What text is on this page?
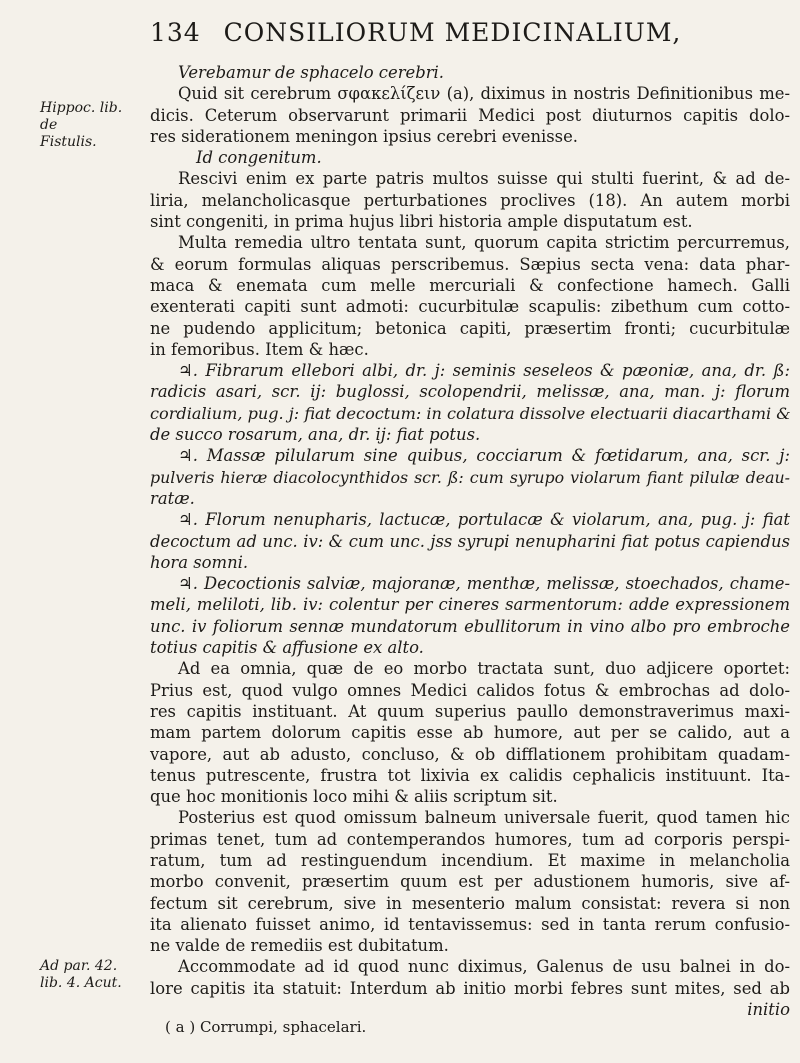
134 CONSILIORUM MEDICINALIUM,
Hippoc. lib. de
Fistulis.
Ad par. 42.
lib. 4. Acut.
Verebamur de sphacelo cerebri.
Quid sit cerebrum σφακελίζειν (a), diximus in nostris Definitionibus me-
dicis. Ceterum observarunt primarii Medici post diuturnos capitis dolo-
res siderationem meningon ipsius cerebri evenisse.
Id congenitum.
Rescivi enim ex parte patris multos suisse qui stulti fuerint, & ad de-
liria, melancholicasque perturbationes proclives (18). An autem morbi
sint congeniti, in prima hujus libri historia ample disputatum est.
Multa remedia ultro tentata sunt, quorum capita strictim percurremus,
& eorum formulas aliquas perscribemus. Sæpius secta vena: data phar-
maca & enemata cum melle mercuriali & confectione hamech. Galli
exenterati capiti sunt admoti: cucurbitulæ scapulis: zibethum cum cotto-
ne pudendo applicitum; betonica capiti, præsertim fronti; cucurbitulæ
in femoribus. Item & hæc.
♃. Fibrarum ellebori albi, dr. j: seminis seseleos & pæoniæ, ana, dr. ß:
radicis asari, scr. ij: buglossi, scolopendrii, melissæ, ana, man. j: florum
cordialium, pug. j: fiat decoctum: in colatura dissolve electuarii diacarthami &
de succo rosarum, ana, dr. ij: fiat potus.
♃. Massæ pilularum sine quibus, cocciarum & fœtidarum, ana, scr. j:
pulveris hieræ diacolocynthidos scr. ß: cum syrupo violarum fiant pilulæ deau-
ratæ.
♃. Florum nenupharis, lactucæ, portulacæ & violarum, ana, pug. j: fiat
decoctum ad unc. iv: & cum unc. jss syrupi nenupharini fiat potus capiendus
hora somni.
♃. Decoctionis salviæ, majoranæ, menthæ, melissæ, stoechados, chame-
meli, meliloti, lib. iv: colentur per cineres sarmentorum: adde expressionem
unc. iv foliorum sennæ mundatorum ebullitorum in vino albo pro embroche
totius capitis & affusione ex alto.
Ad ea omnia, quæ de eo morbo tractata sunt, duo adjicere oportet:
Prius est, quod vulgo omnes Medici calidos fotus & embrochas ad dolo-
res capitis instituant. At quum superius paullo demonstraverimus maxi-
mam partem dolorum capitis esse ab humore, aut per se calido, aut a
vapore, aut ab adusto, concluso, & ob difflationem prohibitam quadam-
tenus putrescente, frustra tot lixivia ex calidis cephalicis instituunt. Ita-
que hoc monitionis loco mihi & aliis scriptum sit.
Posterius est quod omissum balneum universale fuerit, quod tamen hic
primas tenet, tum ad contemperandos humores, tum ad corporis perspi-
ratum, tum ad restinguendum incendium. Et maxime in melancholia
morbo convenit, præsertim quum est per adustionem humoris, sive af-
fectum sit cerebrum, sive in mesenterio malum consistat: revera si non
ita alienato fuisset animo, id tentavissemus: sed in tanta rerum confusio-
ne valde de remediis est dubitatum.
Accommodate ad id quod nunc diximus, Galenus de usu balnei in do-
lore capitis ita statuit: Interdum ab initio morbi febres sunt mites, sed ab
initio
( a ) Corrumpi, sphacelari.
